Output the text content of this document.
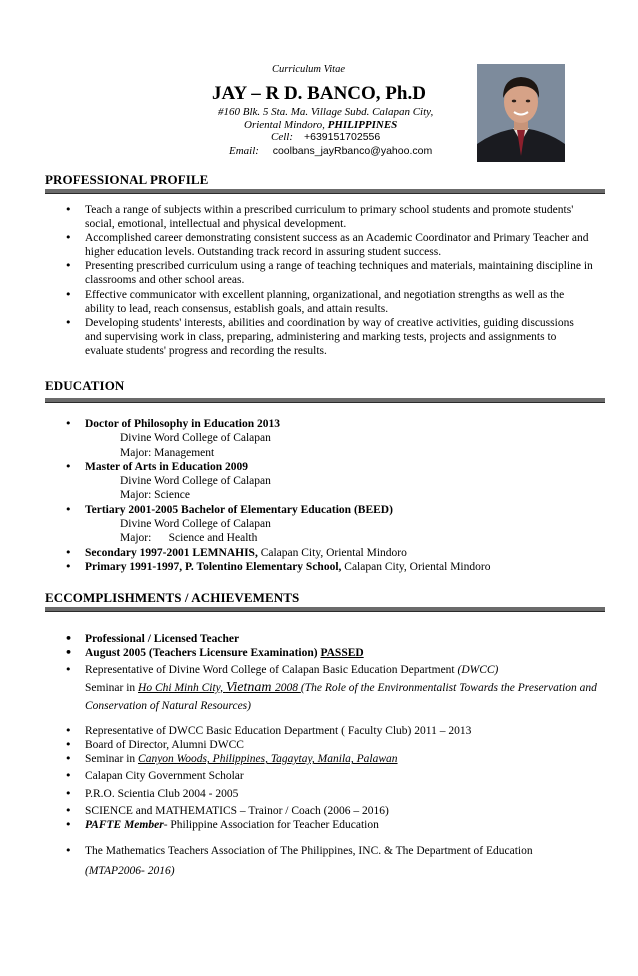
Curriculum Vitae
JAY – R D. BANCO, Ph.D
#160 Blk. 5 Sta. Ma. Village Subd. Calapan City,
Oriental Mindoro, PHILIPPINES
Cell: +639151702556
Email: coolbans_jayRbanco@yahoo.com
PROFESSIONAL PROFILE
• Teach a range of subjects within a prescribed curriculum to primary school students and promote students' social, emotional, intellectual and physical development.
• Accomplished career demonstrating consistent success as an Academic Coordinator and Primary Teacher and higher education levels. Outstanding track record in assuring student success.
• Presenting prescribed curriculum using a range of teaching techniques and materials, maintaining discipline in classrooms and other school areas.
• Effective communicator with excellent planning, organizational, and negotiation strengths as well as the ability to lead, reach consensus, establish goals, and attain results.
• Developing students' interests, abilities and coordination by way of creative activities, guiding discussions and supervising work in class, preparing, administering and marking tests, projects and assignments to evaluate students' progress and recording the results.
EDUCATION
• Doctor of Philosophy in Education 2013
Divine Word College of Calapan
Major: Management
• Master of Arts in Education 2009
Divine Word College of Calapan
Major: Science
• Tertiary 2001-2005 Bachelor of Elementary Education (BEED)
Divine Word College of Calapan
Major: Science and Health
• Secondary 1997-2001 LEMNAHIS, Calapan City, Oriental Mindoro
• Primary 1991-1997, P. Tolentino Elementary School, Calapan City, Oriental Mindoro
ECCOMPLISHMENTS / ACHIEVEMENTS
• Professional / Licensed Teacher
• August 2005 (Teachers Licensure Examination) PASSED
• Representative of Divine Word College of Calapan Basic Education Department (DWCC)
Seminar in Ho Chi Minh City, Vietnam 2008 (The Role of the Environmentalist Towards the Preservation and Conservation of Natural Resources)
• Representative of DWCC Basic Education Department ( Faculty Club) 2011 – 2013
• Board of Director, Alumni DWCC
• Seminar in Canyon Woods, Philippines, Tagaytay, Manila, Palawan
• Calapan City Government Scholar
• P.R.O. Scientia Club 2004 - 2005
• SCIENCE and MATHEMATICS – Trainor / Coach (2006 – 2016)
• PAFTE Member- Philippine Association for Teacher Education
• The Mathematics Teachers Association of The Philippines, INC. & The Department of Education
(MTAP2006- 2016)
